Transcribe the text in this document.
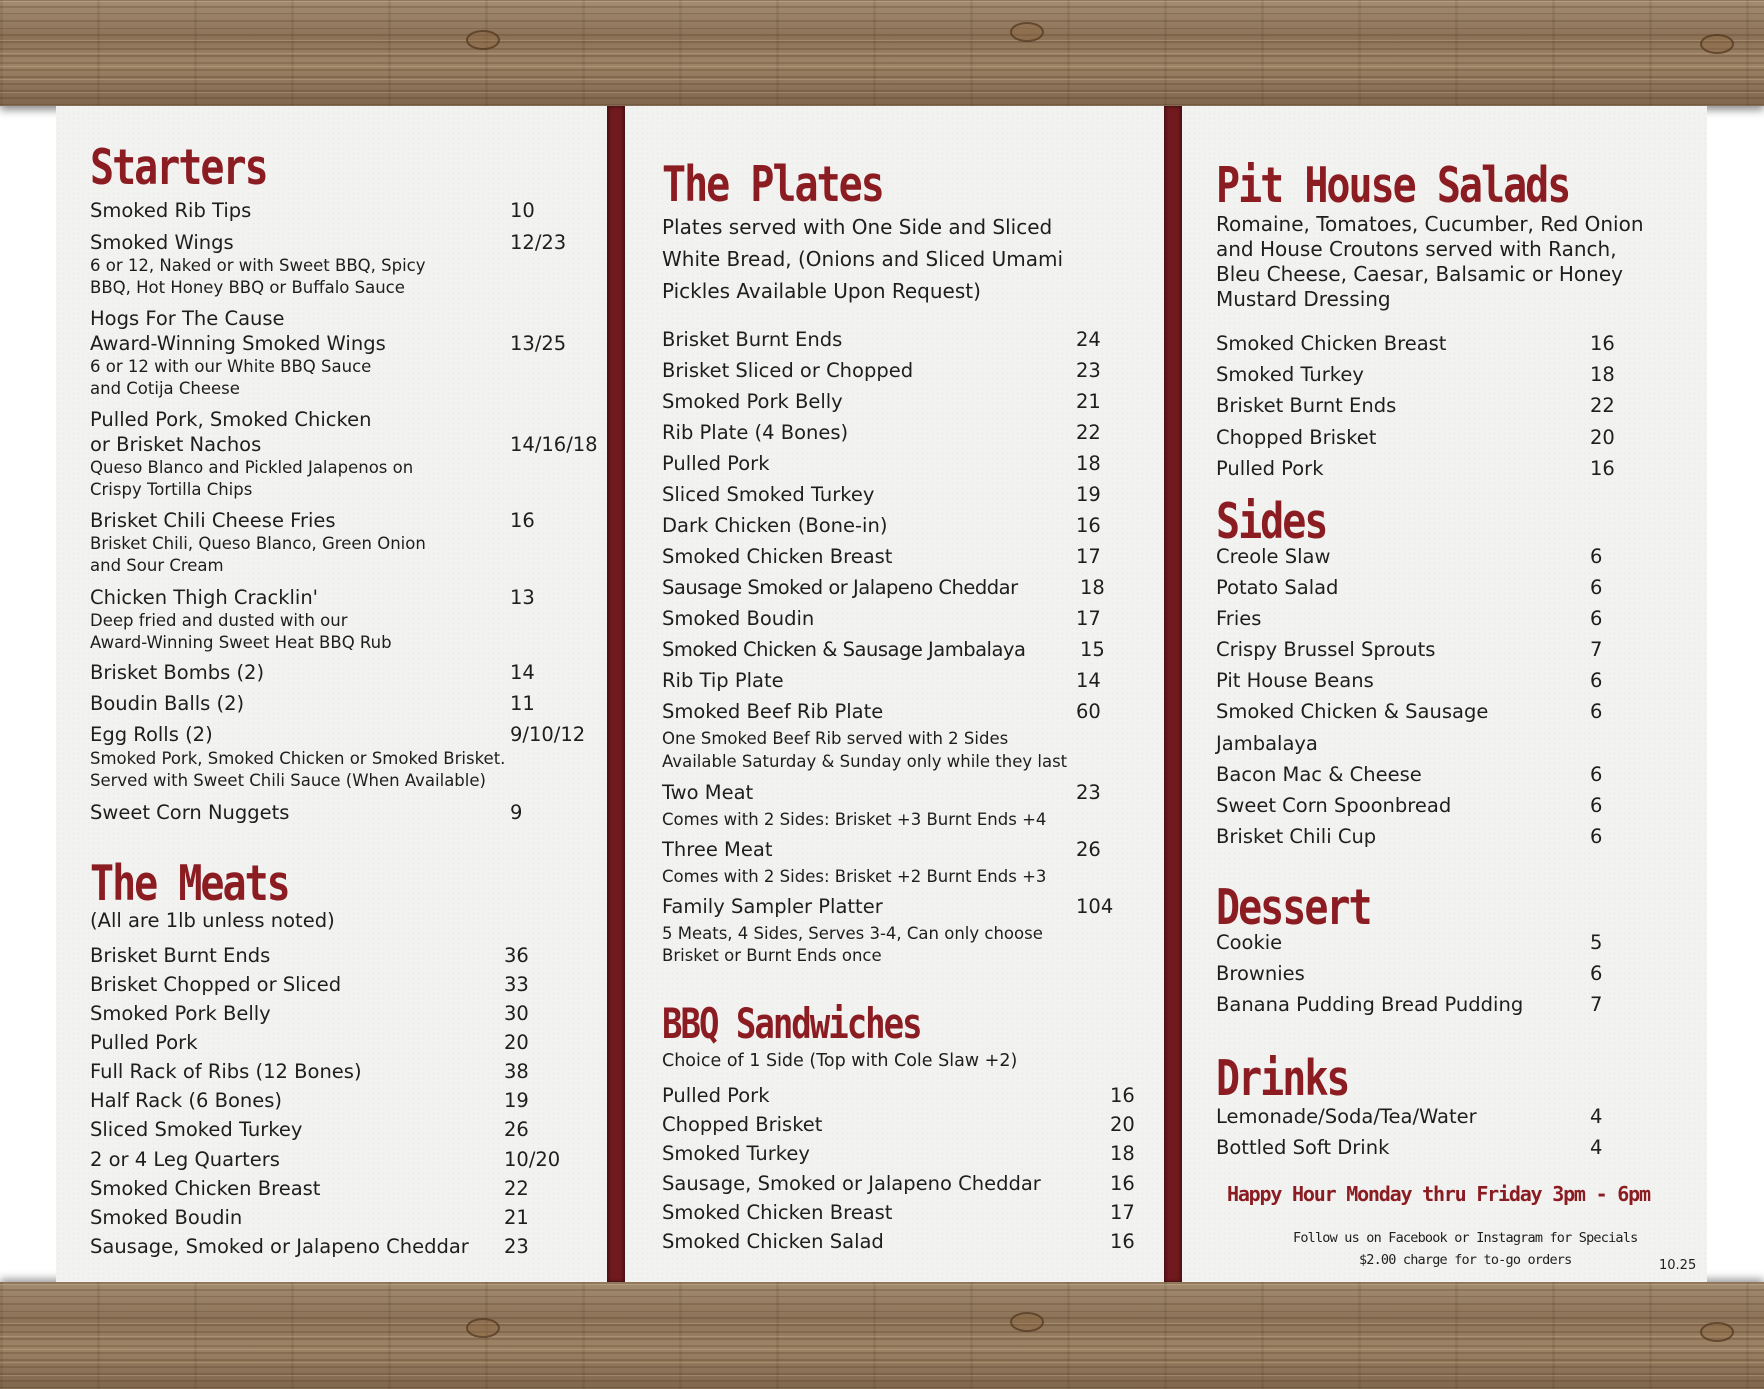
Starters
Smoked Rib Tips	10
Smoked Wings	12/23
6 or 12, Naked or with Sweet BBQ, Spicy
BBQ, Hot Honey BBQ or Buffalo Sauce
Hogs For The Cause
Award-Winning Smoked Wings	13/25
6 or 12 with our White BBQ Sauce
and Cotija Cheese
Pulled Pork, Smoked Chicken
or Brisket Nachos	14/16/18
Queso Blanco and Pickled Jalapenos on
Crispy Tortilla Chips
Brisket Chili Cheese Fries	16
Brisket Chili, Queso Blanco, Green Onion
and Sour Cream
Chicken Thigh Cracklin'	13
Deep fried and dusted with our
Award-Winning Sweet Heat BBQ Rub
Brisket Bombs (2)	14
Boudin Balls (2)	11
Egg Rolls (2)	9/10/12
Smoked Pork, Smoked Chicken or Smoked Brisket.
Served with Sweet Chili Sauce (When Available)
Sweet Corn Nuggets	9
The Meats
(All are 1lb unless noted)
Brisket Burnt Ends	36
Brisket Chopped or Sliced	33
Smoked Pork Belly	30
Pulled Pork	20
Full Rack of Ribs (12 Bones)	38
Half Rack (6 Bones)	19
Sliced Smoked Turkey	26
2 or 4 Leg Quarters	10/20
Smoked Chicken Breast	22
Smoked Boudin	21
Sausage, Smoked or Jalapeno Cheddar 23
The Plates
Plates served with One Side and Sliced
White Bread, (Onions and Sliced Umami
Pickles Available Upon Request)
Brisket Burnt Ends	24
Brisket Sliced or Chopped	23
Smoked Pork Belly	21
Rib Plate (4 Bones)	22
Pulled Pork	18
Sliced Smoked Turkey	19
Dark Chicken (Bone-in)	16
Smoked Chicken Breast	17
Sausage Smoked or Jalapeno Cheddar	18
Smoked Boudin	17
Smoked Chicken & Sausage Jambalaya	15
Rib Tip Plate	14
Smoked Beef Rib Plate	60
One Smoked Beef Rib served with 2 Sides
Available Saturday & Sunday only while they last
Two Meat	23
Comes with 2 Sides: Brisket +3 Burnt Ends +4
Three Meat	26
Comes with 2 Sides: Brisket +2 Burnt Ends +3
Family Sampler Platter	104
5 Meats, 4 Sides, Serves 3-4, Can only choose
Brisket or Burnt Ends once
BBQ Sandwiches
Choice of 1 Side (Top with Cole Slaw +2)
Pulled Pork	16
Chopped Brisket	20
Smoked Turkey	18
Sausage, Smoked or Jalapeno Cheddar	16
Smoked Chicken Breast	17
Smoked Chicken Salad	16
Pit House Salads
Romaine, Tomatoes, Cucumber, Red Onion
and House Croutons served with Ranch,
Bleu Cheese, Caesar, Balsamic or Honey
Mustard Dressing
Smoked Chicken Breast	16
Smoked Turkey	18
Brisket Burnt Ends	22
Chopped Brisket	20
Pulled Pork	16
Sides
Creole Slaw	6
Potato Salad	6
Fries	6
Crispy Brussel Sprouts	7
Pit House Beans	6
Smoked Chicken & Sausage	6
Jambalaya
Bacon Mac & Cheese	6
Sweet Corn Spoonbread	6
Brisket Chili Cup	6
Dessert
Cookie	5
Brownies	6
Banana Pudding Bread Pudding	7
Drinks
Lemonade/Soda/Tea/Water	4
Bottled Soft Drink	4
Happy Hour Monday thru Friday 3pm - 6pm
Follow us on Facebook or Instagram for Specials
$2.00 charge for to-go orders	10.25
